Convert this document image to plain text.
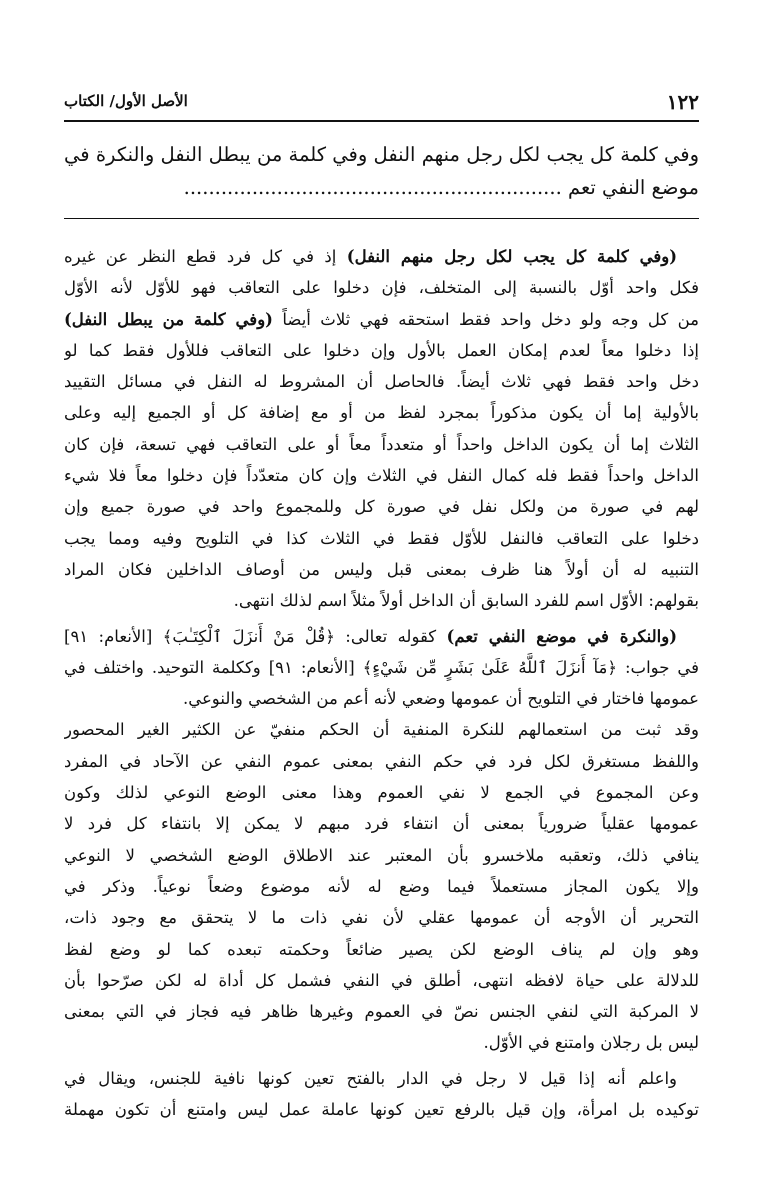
١٢٢
الأصل الأول/ الكتاب
وفي كلمة كل يجب لكل رجل منهم النفل وفي كلمة من يبطل النفل والنكرة في
موضع النفي تعم .............................................................

(وفي كلمة كل يجب لكل رجل منهم النفل) إذ في كل فرد قطع النظر عن غيره
فكل واحد أوّل بالنسبة إلى المتخلف، فإن دخلوا على التعاقب فهو للأوّل لأنه الأوّل
من كل وجه ولو دخل واحد فقط استحقه فهي ثلاث أيضاً (وفي كلمة من يبطل النفل)
إذا دخلوا معاً لعدم إمكان العمل بالأول وإن دخلوا على التعاقب فللأول فقط كما لو
دخل واحد فقط فهي ثلاث أيضاً. فالحاصل أن المشروط له النفل في مسائل التقييد
بالأولية إما أن يكون مذكوراً بمجرد لفظ من أو مع إضافة كل أو الجميع إليه وعلى
الثلاث إما أن يكون الداخل واحداً أو متعدداً معاً أو على التعاقب فهي تسعة، فإن كان
الداخل واحداً فقط فله كمال النفل في الثلاث وإن كان متعدّداً فإن دخلوا معاً فلا شيء
لهم في صورة من ولكل نفل في صورة كل وللمجموع واحد في صورة جميع وإن
دخلوا على التعاقب فالنفل للأوّل فقط في الثلاث كذا في التلويح وفيه ومما يجب
التنبيه له أن أولاً هنا ظرف بمعنى قبل وليس من أوصاف الداخلين فكان المراد
بقولهم: الأوّل اسم للفرد السابق أن الداخل أولاً مثلاً اسم لذلك انتهى.

(والنكرة في موضع النفي تعم) كقوله تعالى: ﴿قُلْ مَنْ أَنزَلَ ٱلْكِتَـٰبَ﴾ [الأنعام: ٩١]
في جواب: ﴿مَآ أَنزَلَ ٱللَّهُ عَلَىٰ بَشَرٍ مِّن شَيْءٍ﴾ [الأنعام: ٩١] وككلمة التوحيد. واختلف في
عمومها فاختار في التلويح أن عمومها وضعي لأنه أعم من الشخصي والنوعي.
وقد ثبت من استعمالهم للنكرة المنفية أن الحكم منفيّ عن الكثير الغير المحصور
واللفظ مستغرق لكل فرد في حكم النفي بمعنى عموم النفي عن الآحاد في المفرد
وعن المجموع في الجمع لا نفي العموم وهذا معنى الوضع النوعي لذلك وكون
عمومها عقلياً ضرورياً بمعنى أن انتفاء فرد مبهم لا يمكن إلا بانتفاء كل فرد لا
ينافي ذلك، وتعقبه ملاخسرو بأن المعتبر عند الاطلاق الوضع الشخصي لا النوعي
وإلا يكون المجاز مستعملاً فيما وضع له لأنه موضوع وضعاً نوعياً. وذكر في
التحرير أن الأوجه أن عمومها عقلي لأن نفي ذات ما لا يتحقق مع وجود ذات،
وهو وإن لم يناف الوضع لكن يصير ضائعاً وحكمته تبعده كما لو وضع لفظ
للدلالة على حياة لافظه انتهى، أطلق في النفي فشمل كل أداة له لكن صرّحوا بأن
لا المركبة التي لنفي الجنس نصّ في العموم وغيرها ظاهر فيه فجاز في التي بمعنى
ليس بل رجلان وامتنع في الأوّل.

واعلم أنه إذا قيل لا رجل في الدار بالفتح تعين كونها نافية للجنس، ويقال في
توكيده بل امرأة، وإن قيل بالرفع تعين كونها عاملة عمل ليس وامتنع أن تكون مهملة
